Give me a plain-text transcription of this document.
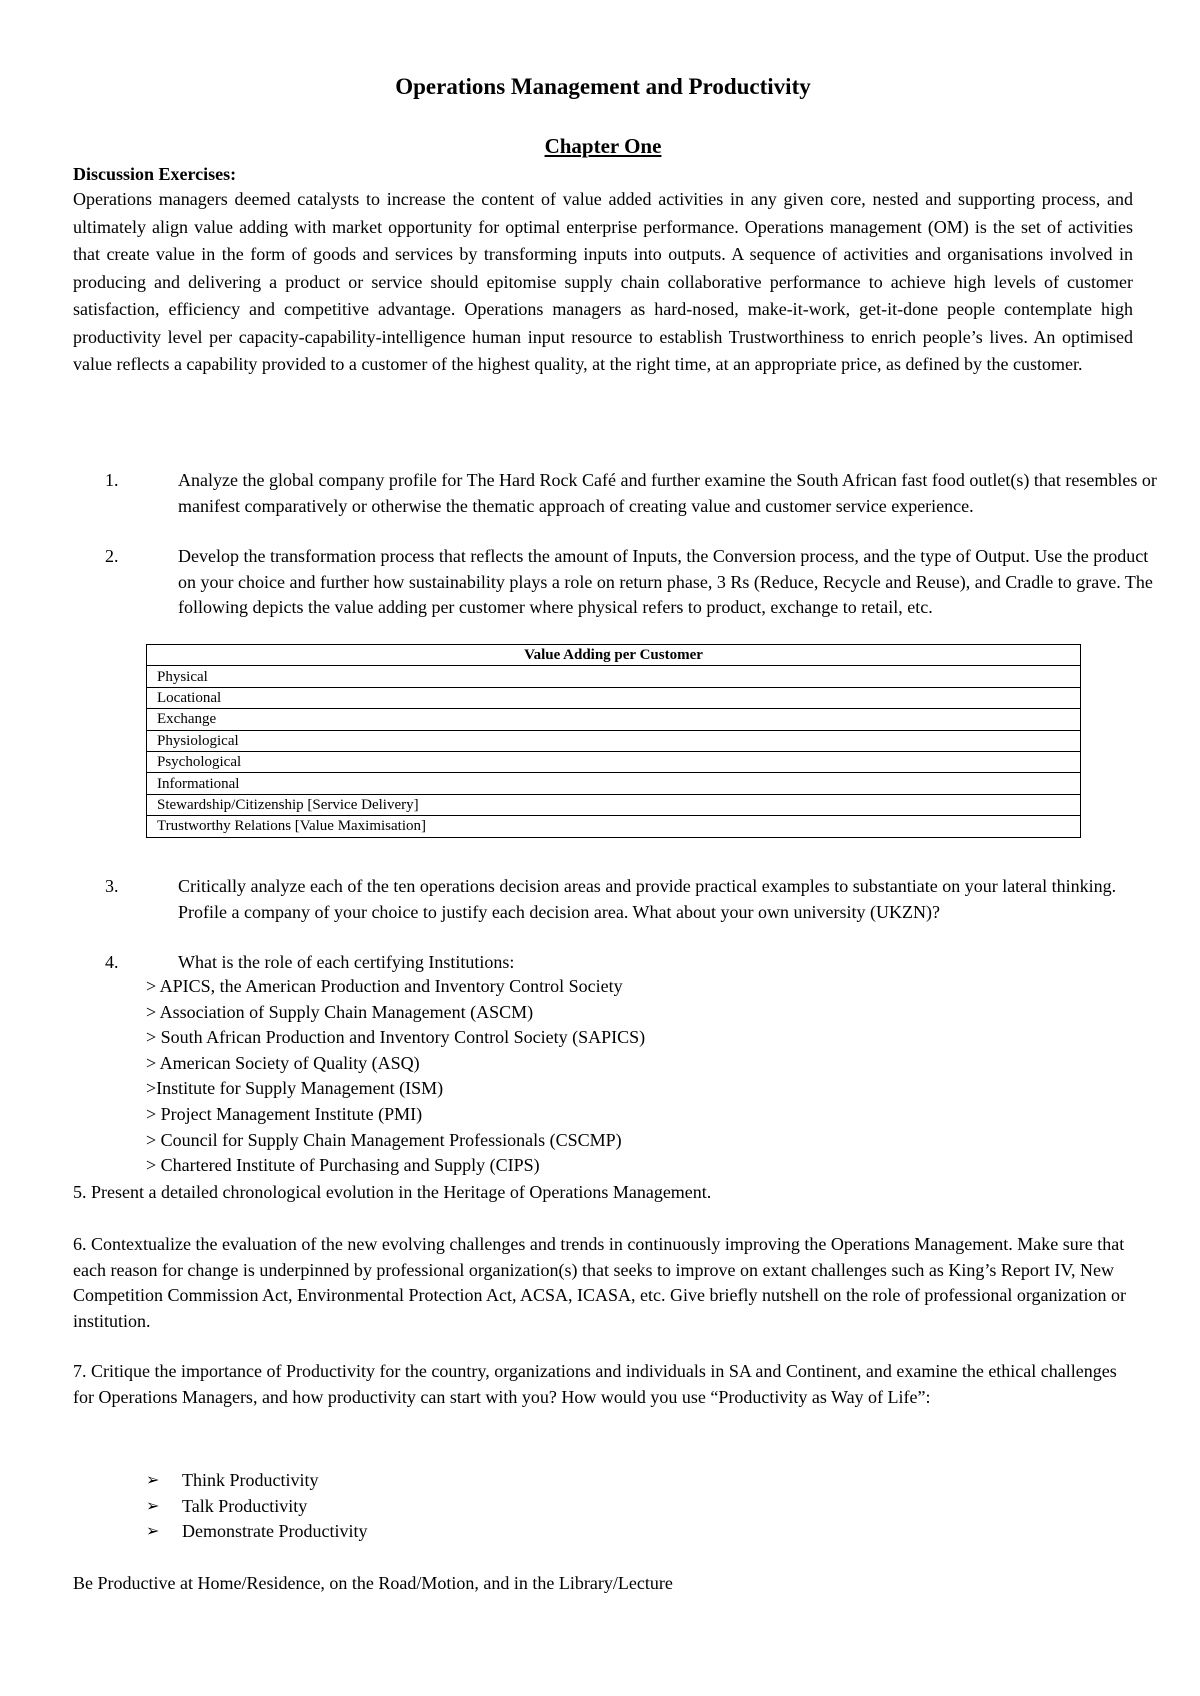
Operations Management and Productivity
Chapter One
Discussion Exercises:
Operations managers deemed catalysts to increase the content of value added activities in any given core, nested and supporting process, and ultimately align value adding with market opportunity for optimal enterprise performance. Operations management (OM) is the set of activities that create value in the form of goods and services by transforming inputs into outputs. A sequence of activities and organisations involved in producing and delivering a product or service should epitomise supply chain collaborative performance to achieve high levels of customer satisfaction, efficiency and competitive advantage. Operations managers as hard-nosed, make-it-work, get-it-done people contemplate high productivity level per capacity-capability-intelligence human input resource to establish Trustworthiness to enrich people’s lives. An optimised value reflects a capability provided to a customer of the highest quality, at the right time, at an appropriate price, as defined by the customer.
1.	Analyze the global company profile for The Hard Rock Café and further examine the South African fast food outlet(s) that resembles or manifest comparatively or otherwise the thematic approach of creating value and customer service experience.
2.	Develop the transformation process that reflects the amount of Inputs, the Conversion process, and the type of Output. Use the product on your choice and further how sustainability plays a role on return phase, 3 Rs (Reduce, Recycle and Reuse), and Cradle to grave. The following depicts the value adding per customer where physical refers to product, exchange to retail, etc.
Value Adding per Customer
Physical
Locational
Exchange
Physiological
Psychological
Informational
Stewardship/Citizenship [Service Delivery]
Trustworthy Relations [Value Maximisation]
3.	Critically analyze each of the ten operations decision areas and provide practical examples to substantiate on your lateral thinking. Profile a company of your choice to justify each decision area. What about your own university (UKZN)?
4.	What is the role of each certifying Institutions:
5. Present a detailed chronological evolution in the Heritage of Operations Management.
6. Contextualize the evaluation of the new evolving challenges and trends in continuously improving the Operations Management. Make sure that each reason for change is underpinned by professional organization(s) that seeks to improve on extant challenges such as King’s Report IV, New Competition Commission Act, Environmental Protection Act, ACSA, ICASA, etc. Give briefly nutshell on the role of professional organization or institution.
7. Critique the importance of Productivity for the country, organizations and individuals in SA and Continent, and examine the ethical challenges for Operations Managers, and how productivity can start with you? How would you use “Productivity as Way of Life”:
Be Productive at Home/Residence, on the Road/Motion, and in the Library/Lecture
> APICS, the American Production and Inventory Control Society
> Association of Supply Chain Management (ASCM)
> South African Production and Inventory Control Society (SAPICS)
> American Society of Quality (ASQ)
>Institute for Supply Management (ISM)
> Project Management Institute (PMI)
> Council for Supply Chain Management Professionals (CSCMP)
> Chartered Institute of Purchasing and Supply (CIPS)
➢	Think Productivity
➢	Talk Productivity
➢	Demonstrate Productivity
